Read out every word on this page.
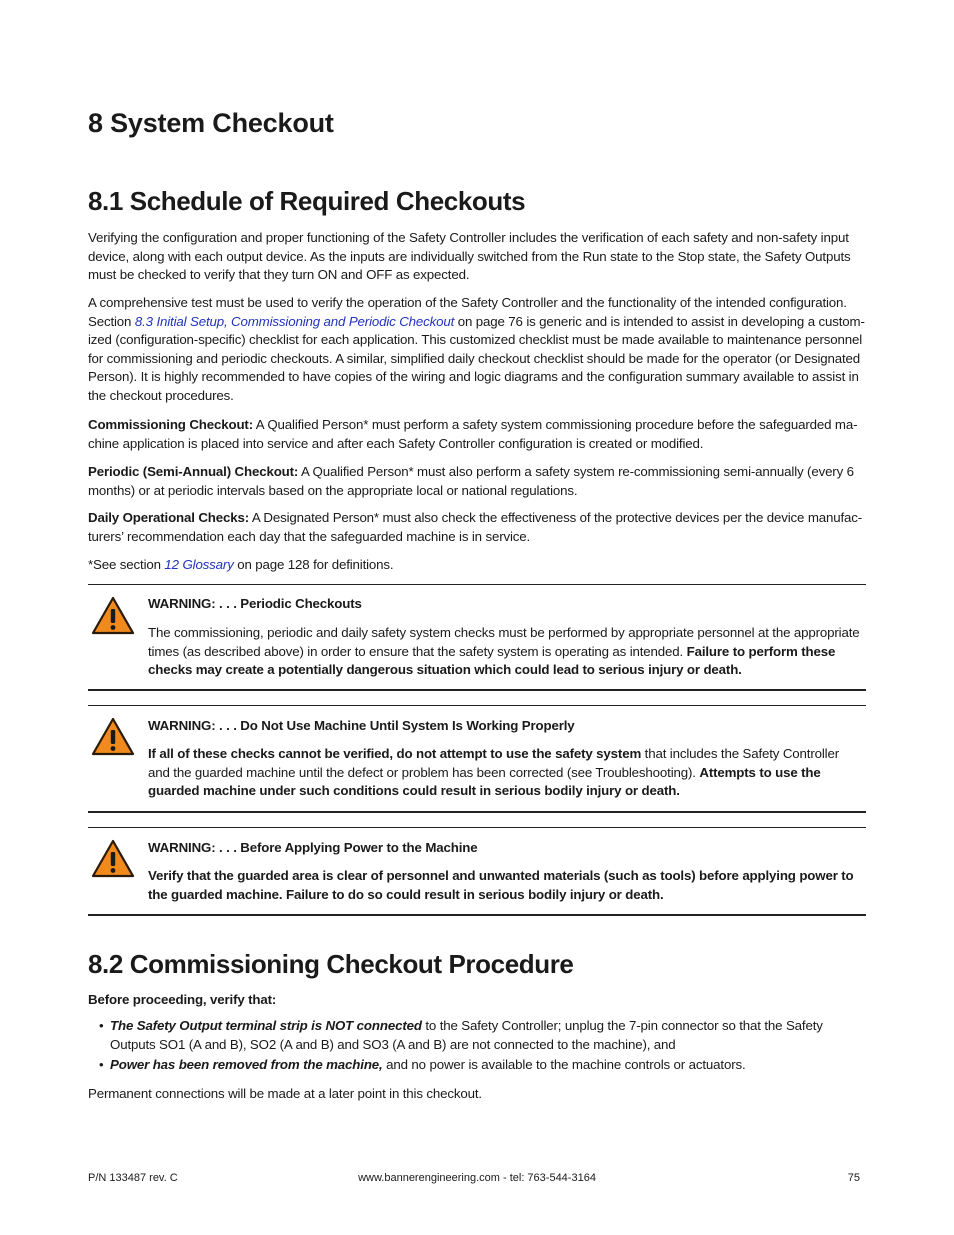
8 System Checkout
8.1 Schedule of Required Checkouts

Verifying the configuration and proper functioning of the Safety Controller includes the verification of each safety and non-safety input device, along with each output device. As the inputs are individually switched from the Run state to the Stop state, the Safety Outputs must be checked to verify that they turn ON and OFF as expected.

A comprehensive test must be used to verify the operation of the Safety Controller and the functionality of the intended configuration. Section 8.3 Initial Setup, Commissioning and Periodic Checkout on page 76 is generic and is intended to assist in developing a custom-ized (configuration-specific) checklist for each application. This customized checklist must be made available to maintenance personnel for commissioning and periodic checkouts. A similar, simplified daily checkout checklist should be made for the operator (or Designated Person). It is highly recommended to have copies of the wiring and logic diagrams and the configuration summary available to assist in the checkout procedures.

Commissioning Checkout: A Qualified Person* must perform a safety system commissioning procedure before the safeguarded ma-chine application is placed into service and after each Safety Controller configuration is created or modified.

Periodic (Semi-Annual) Checkout: A Qualified Person* must also perform a safety system re-commissioning semi-annually (every 6 months) or at periodic intervals based on the appropriate local or national regulations.

Daily Operational Checks: A Designated Person* must also check the effectiveness of the protective devices per the device manufac-turers’ recommendation each day that the safeguarded machine is in service.

*See section 12 Glossary on page 128 for definitions.

WARNING: . . . Periodic Checkouts

The commissioning, periodic and daily safety system checks must be performed by appropriate personnel at the appropriate times (as described above) in order to ensure that the safety system is operating as intended. Failure to perform these checks may create a potentially dangerous situation which could lead to serious injury or death.

WARNING: . . . Do Not Use Machine Until System Is Working Properly

If all of these checks cannot be verified, do not attempt to use the safety system that includes the Safety Controller and the guarded machine until the defect or problem has been corrected (see Troubleshooting). Attempts to use the guarded machine under such conditions could result in serious bodily injury or death.

WARNING: . . . Before Applying Power to the Machine

Verify that the guarded area is clear of personnel and unwanted materials (such as tools) before applying power to the guarded machine. Failure to do so could result in serious bodily injury or death.

8.2 Commissioning Checkout Procedure

Before proceeding, verify that:

• The Safety Output terminal strip is NOT connected to the Safety Controller; unplug the 7-pin connector so that the Safety Outputs SO1 (A and B), SO2 (A and B) and SO3 (A and B) are not connected to the machine), and
• Power has been removed from the machine, and no power is available to the machine controls or actuators.

Permanent connections will be made at a later point in this checkout.

P/N 133487 rev. C	www.bannerengineering.com - tel: 763-544-3164	75
